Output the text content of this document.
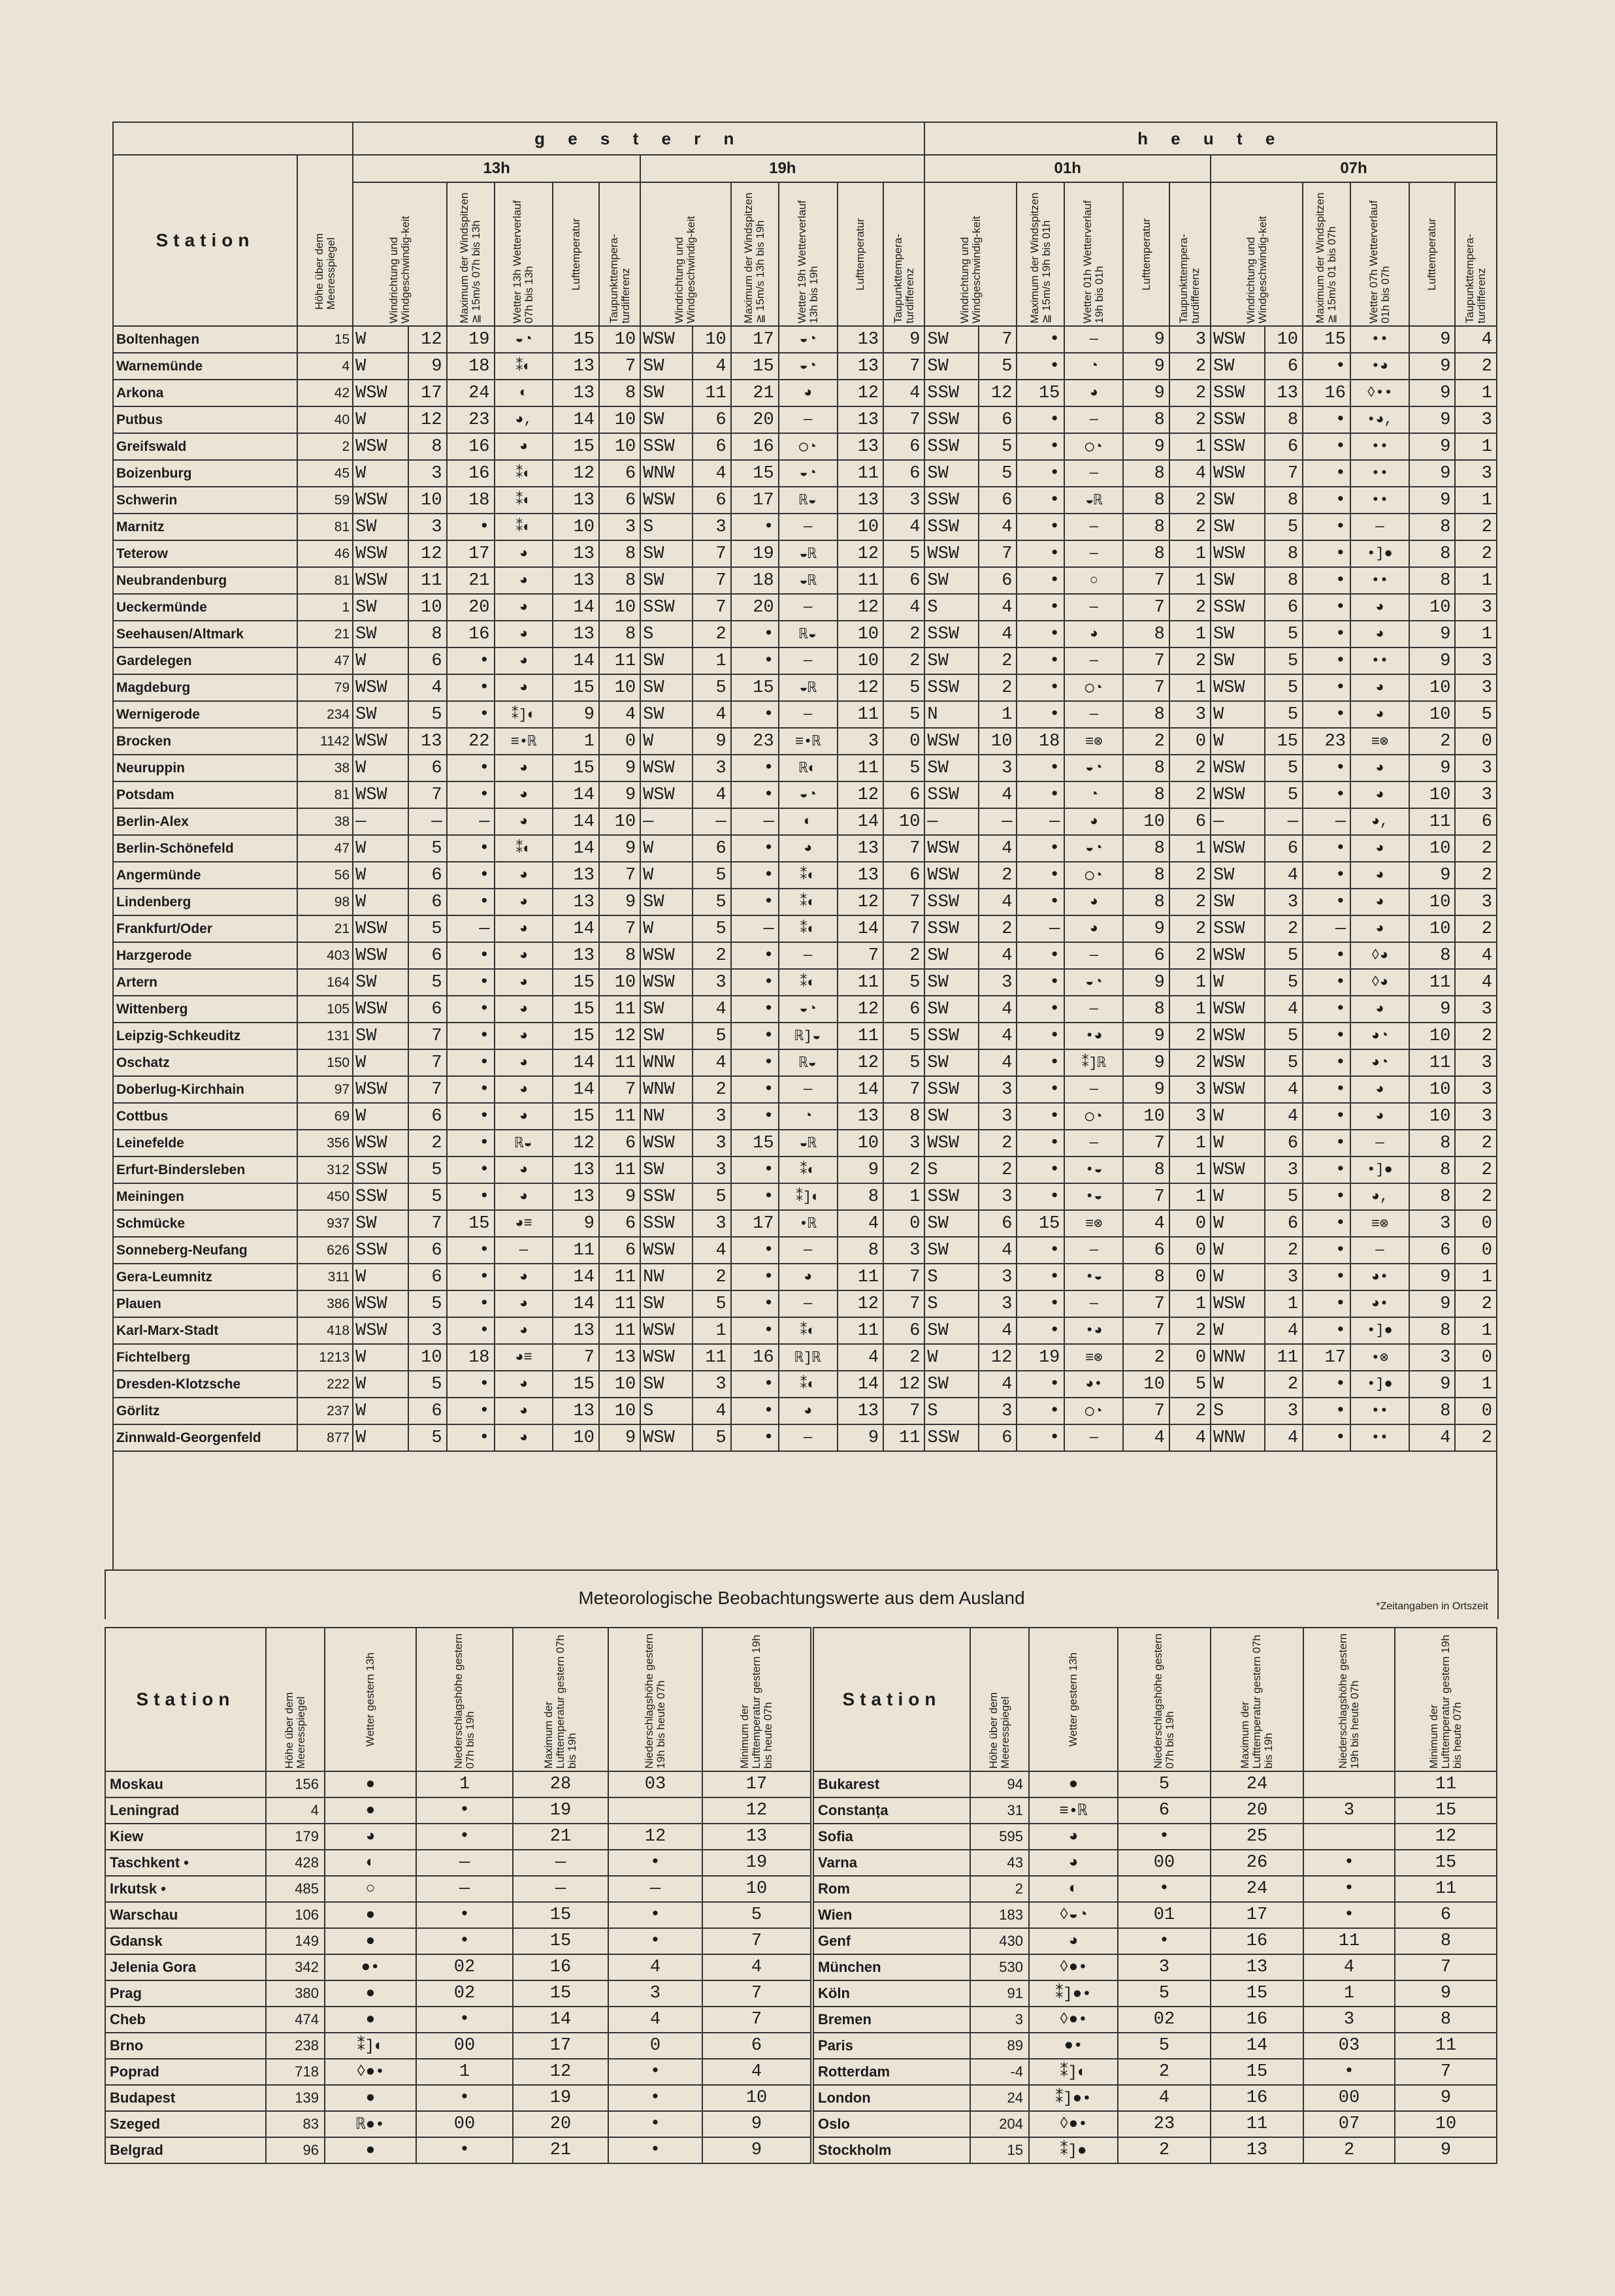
		g e s t e r n												h e u t e											
Station	Höhe über dem Meeresspiegel	13h						19h						01h						07h					

		Windrichtung und Windgeschwindig-keit		Maximum der Windspitzen ≧ 15m/s 07h bis 13h	Wetter 13h Wetterverlauf 07h bis 13h	Lufttemperatur	Taupunkttempera-turdifferenz	Windrichtung und Windgeschwindig-keit		Maximum der Windspitzen ≧ 15m/s 13h bis 19h	Wetter 19h Wetterverlauf 13h bis 19h	Lufttemperatur	Taupunkttempera-turdifferenz	Windrichtung und Windgeschwindig-keit		Maximum der Windspitzen ≧ 15m/s 19h bis 01h	Wetter 01h Wetterverlauf 19h bis 01h	Lufttemperatur	Taupunkttempera-turdifferenz	Windrichtung und Windgeschwindig-keit		Maximum der Windspitzen ≧ 15m/s 01 bis 07h	Wetter 07h Wetterverlauf 01h bis 07h	Lufttemperatur	Taupunkttempera-turdifferenz

Boltenhagen	15	W	12	19	◒◔	15	10	WSW	10	17	◒◔	13	9	SW	7	•	—	9	3	WSW	10	15	••	9	4
Warnemünde	4	W	9	18	⁑◐	13	7	SW	4	15	◒◔	13	7	SW	5	•	◔	9	2	SW	6	•	•◕	9	2
Arkona	42	WSW	17	24	◐	13	8	SW	11	21	◕	12	4	SSW	12	15	◕	9	2	SSW	13	16	◊••	9	1
Putbus	40	W	12	23	◕,	14	10	SW	6	20	—	13	7	SSW	6	•	—	8	2	SSW	8	•	•◕,	9	3
Greifswald	2	WSW	8	16	◕	15	10	SSW	6	16	◯◔	13	6	SSW	5	•	◯◔	9	1	SSW	6	•	••	9	1
Boizenburg	45	W	3	16	⁑◐	12	6	WNW	4	15	◒◔	11	6	SW	5	•	—	8	4	WSW	7	•	••	9	3
Schwerin	59	WSW	10	18	⁑◐	13	6	WSW	6	17	ℝ◒	13	3	SSW	6	•	◒ℝ	8	2	SW	8	•	••	9	1
Marnitz	81	SW	3	•	⁑◐	10	3	S	3	•	—	10	4	SSW	4	•	—	8	2	SW	5	•	—	8	2
Teterow	46	WSW	12	17	◕	13	8	SW	7	19	◒ℝ	12	5	WSW	7	•	—	8	1	WSW	8	•	•]●	8	2
Neubrandenburg	81	WSW	11	21	◕	13	8	SW	7	18	◒ℝ	11	6	SW	6	•	○	7	1	SW	8	•	••	8	1
Ueckermünde	1	SW	10	20	◕	14	10	SSW	7	20	—	12	4	S	4	•	—	7	2	SSW	6	•	◕	10	3
Seehausen/Altmark	21	SW	8	16	◕	13	8	S	2	•	ℝ◒	10	2	SSW	4	•	◕	8	1	SW	5	•	◕	9	1
Gardelegen	47	W	6	•	◕	14	11	SW	1	•	—	10	2	SW	2	•	—	7	2	SW	5	•	••	9	3
Magdeburg	79	WSW	4	•	◕	15	10	SW	5	15	◒ℝ	12	5	SSW	2	•	◯◔	7	1	WSW	5	•	◕	10	3
Wernigerode	234	SW	5	•	⁑]◐	9	4	SW	4	•	—	11	5	N	1	•	—	8	3	W	5	•	◕	10	5
Brocken	1142	WSW	13	22	≡•ℝ	1	0	W	9	23	≡•ℝ	3	0	WSW	10	18	≡⊗	2	0	W	15	23	≡⊗	2	0
Neuruppin	38	W	6	•	◕	15	9	WSW	3	•	ℝ◐	11	5	SW	3	•	◒◔	8	2	WSW	5	•	◕	9	3
Potsdam	81	WSW	7	•	◕	14	9	WSW	4	•	◒◔	12	6	SSW	4	•	◔	8	2	WSW	5	•	◕	10	3
Berlin-Alex	38	—	—	—	◕	14	10	—	—	—	◐	14	10	—	—	—	◕	10	6	—	—	—	◕,	11	6
Berlin-Schönefeld	47	W	5	•	⁑◐	14	9	W	6	•	◕	13	7	WSW	4	•	◒◔	8	1	WSW	6	•	◕	10	2
Angermünde	56	W	6	•	◕	13	7	W	5	•	⁑◐	13	6	WSW	2	•	◯◔	8	2	SW	4	•	◕	9	2
Lindenberg	98	W	6	•	◕	13	9	SW	5	•	⁑◐	12	7	SSW	4	•	◕	8	2	SW	3	•	◕	10	3
Frankfurt/Oder	21	WSW	5	—	◕	14	7	W	5	—	⁑◐	14	7	SSW	2	—	◕	9	2	SSW	2	—	◕	10	2
Harzgerode	403	WSW	6	•	◕	13	8	WSW	2	•	—	7	2	SW	4	•	—	6	2	WSW	5	•	◊◕	8	4
Artern	164	SW	5	•	◕	15	10	WSW	3	•	⁑◐	11	5	SW	3	•	◒◔	9	1	W	5	•	◊◕	11	4
Wittenberg	105	WSW	6	•	◕	15	11	SW	4	•	◒◔	12	6	SW	4	•	—	8	1	WSW	4	•	◕	9	3
Leipzig-Schkeuditz	131	SW	7	•	◕	15	12	SW	5	•	ℝ]◒	11	5	SSW	4	•	•◕	9	2	WSW	5	•	◕◔	10	2
Oschatz	150	W	7	•	◕	14	11	WNW	4	•	ℝ◒	12	5	SW	4	•	⁑]ℝ	9	2	WSW	5	•	◕◔	11	3
Doberlug-Kirchhain	97	WSW	7	•	◕	14	7	WNW	2	•	—	14	7	SSW	3	•	—	9	3	WSW	4	•	◕	10	3
Cottbus	69	W	6	•	◕	15	11	NW	3	•	◔	13	8	SW	3	•	◯◔	10	3	W	4	•	◕	10	3
Leinefelde	356	WSW	2	•	ℝ◒	12	6	WSW	3	15	◒ℝ	10	3	WSW	2	•	—	7	1	W	6	•	—	8	2
Erfurt-Bindersleben	312	SSW	5	•	◕	13	11	SW	3	•	⁑◐	9	2	S	2	•	•◒	8	1	WSW	3	•	•]●	8	2
Meiningen	450	SSW	5	•	◕	13	9	SSW	5	•	⁑]◐	8	1	SSW	3	•	•◒	7	1	W	5	•	◕,	8	2
Schmücke	937	SW	7	15	◕≡	9	6	SSW	3	17	•ℝ	4	0	SW	6	15	≡⊗	4	0	W	6	•	≡⊗	3	0
Sonneberg-Neufang	626	SSW	6	•	—	11	6	WSW	4	•	—	8	3	SW	4	•	—	6	0	W	2	•	—	6	0
Gera-Leumnitz	311	W	6	•	◕	14	11	NW	2	•	◕	11	7	S	3	•	•◒	8	0	W	3	•	◕•	9	1
Plauen	386	WSW	5	•	◕	14	11	SW	5	•	—	12	7	S	3	•	—	7	1	WSW	1	•	◕•	9	2
Karl-Marx-Stadt	418	WSW	3	•	◕	13	11	WSW	1	•	⁑◐	11	6	SW	4	•	•◕	7	2	W	4	•	•]●	8	1
Fichtelberg	1213	W	10	18	◕≡	7	13	WSW	11	16	ℝ]ℝ	4	2	W	12	19	≡⊗	2	0	WNW	11	17	•⊗	3	0
Dresden-Klotzsche	222	W	5	•	◕	15	10	SW	3	•	⁑◐	14	12	SW	4	•	◕•	10	5	W	2	•	•]●	9	1
Görlitz	237	W	6	•	◕	13	10	S	4	•	◕	13	7	S	3	•	◯◔	7	2	S	3	•	••	8	0
Zinnwald-Georgenfeld	877	W	5	•	◕	10	9	WSW	5	•	—	9	11	SSW	6	•	—	4	4	WNW	4	•	••	4	2
Meteorologische Beobachtungswerte aus dem Ausland	*Zeitangaben in Ortszeit
Station	Höhe über dem Meeresspiegel	Wetter gestern 13h	Niederschlagshöhe gestern 07h bis 19h	Maximum der Lufttemperatur gestern 07h bis 19h	Niederschlagshöhe gestern 19h bis heute 07h	Minimum der Lufttemperatur gestern 19h bis heute 07h

Moskau	156	●	1	28	03	17
Leningrad	4	●	•	19		12
Kiew	179	◕	•	21	12	13
Taschkent •	428	◐	—	—	•	19
Irkutsk •	485	○	—	—	—	10
Warschau	106	●	•	15	•	5
Gdansk	149	●	•	15	•	7
Jelenia Gora	342	●•	02	16	4	4
Prag	380	●	02	15	3	7
Cheb	474	●	•	14	4	7
Brno	238	⁑]◐	00	17	0	6
Poprad	718	◊●•	1	12	•	4
Budapest	139	●	•	19	•	10
Szeged	83	ℝ●•	00	20	•	9
Belgrad	96	●	•	21	•	9
Station	Höhe über dem Meeresspiegel	Wetter gestern 13h	Niederschlagshöhe gestern 07h bis 19h	Maximum der Lufttemperatur gestern 07h bis 19h	Niederschlagshöhe gestern 19h bis heute 07h	Minimum der Lufttemperatur gestern 19h bis heute 07h

Bukarest	94	●	5	24		11
Constanța	31	≡•ℝ	6	20	3	15
Sofia	595	◕	•	25		12
Varna	43	◕	00	26	•	15
Rom	2	◐	•	24	•	11
Wien	183	◊◒◔	01	17	•	6
Genf	430	◕	•	16	11	8
München	530	◊●•	3	13	4	7
Köln	91	⁑]●•	5	15	1	9
Bremen	3	◊●•	02	16	3	8
Paris	89	●•	5	14	03	11
Rotterdam	-4	⁑]◐	2	15	•	7
London	24	⁑]●•	4	16	00	9
Oslo	204	◊●•	23	11	07	10
Stockholm	15	⁑]●	2	13	2	9
